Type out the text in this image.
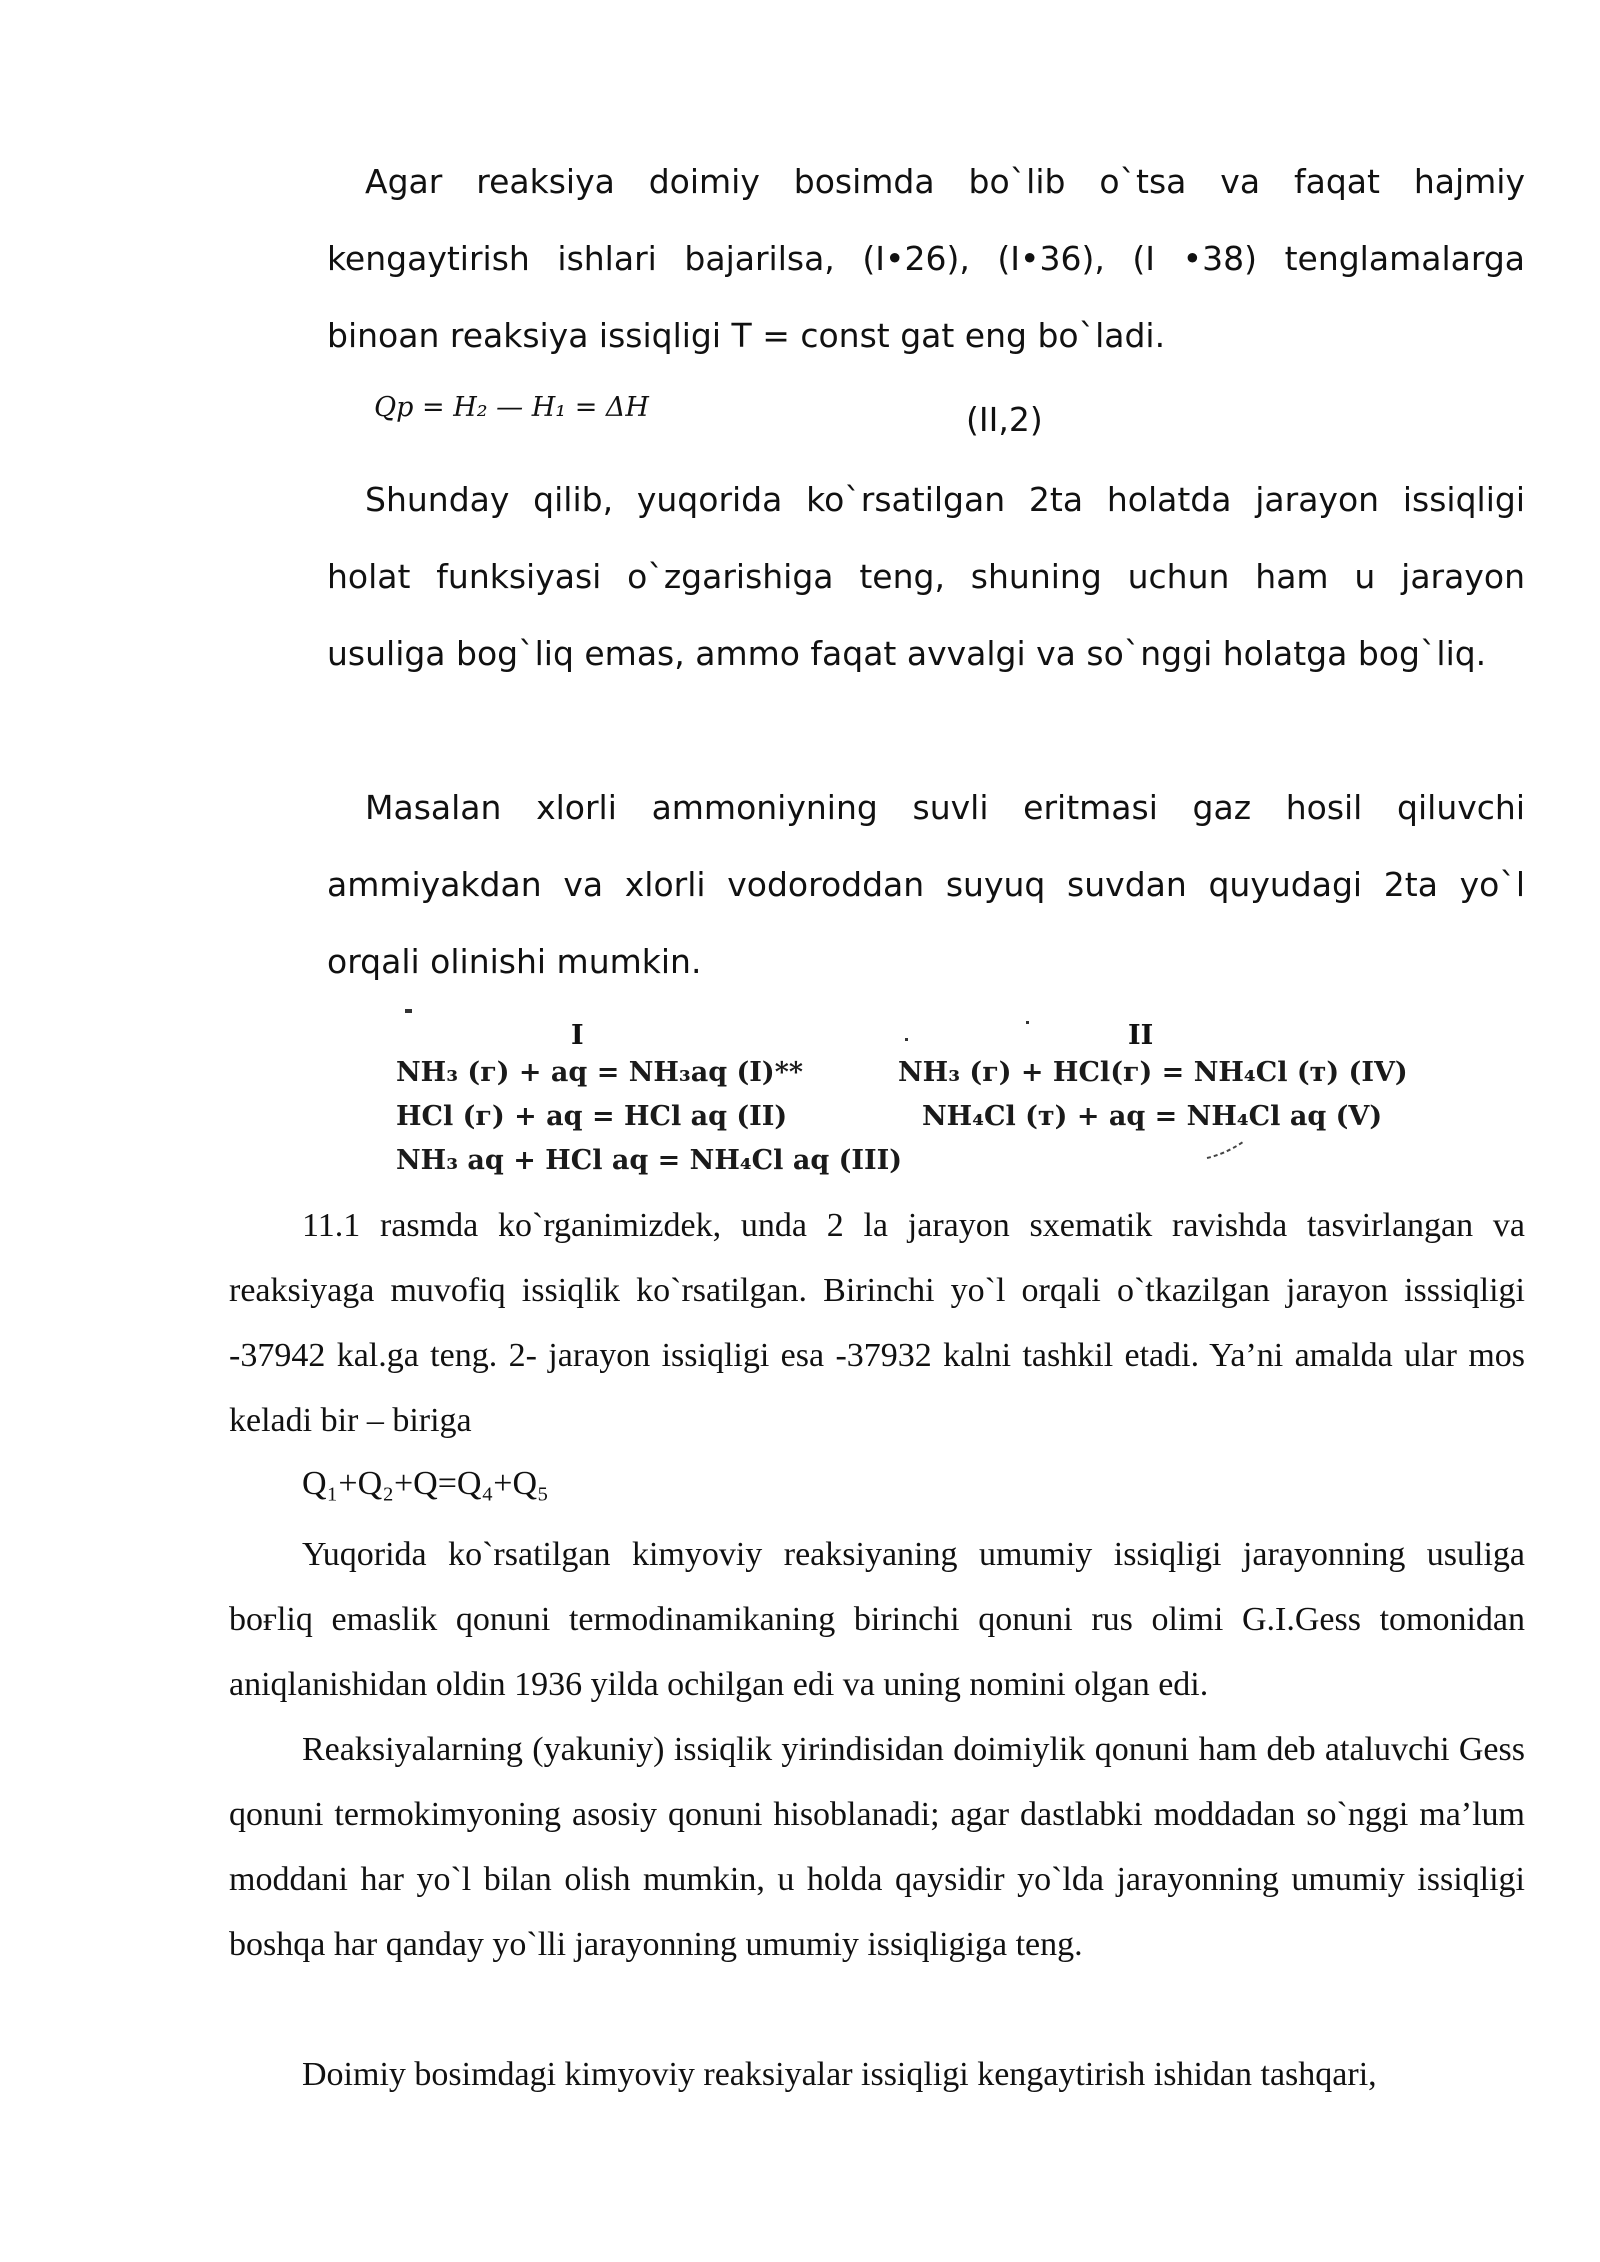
Agar reaksiya doimiy bosimda bo`lib o`tsa va faqat hajmiy kengaytirish ishlari bajarilsa, (I•26), (I•36), (I •38) tenglamalarga binoan reaksiya issiqligi T = const gat eng bo`ladi.

Qp = H₂ — H₁ = ΔH	(II,2)

Shunday qilib, yuqorida ko`rsatilgan 2ta holatda jarayon issiqligi holat funksiyasi o`zgarishiga teng, shuning uchun ham u jarayon usuliga bog`liq emas, ammo faqat avvalgi va so`nggi holatga bog`liq.

Masalan xlorli ammoniyning suvli eritmasi gaz hosil qiluvchi ammiyakdan va xlorli vodoroddan suyuq suvdan quyudagi 2ta yo`l orqali olinishi mumkin.

I	II
NH₃ (г) + aq = NH₃aq (I)**
HCl (г) + aq = HCl aq (II)
NH₃ aq + HCl aq = NH₄Cl aq (III)
NH₃ (г) + HCl(г) = NH₄Cl (т) (IV)
NH₄Cl (т) + aq = NH₄Cl aq (V)

11.1 rasmda ko`rganimizdek, unda 2 la jarayon sxematik ravishda tasvirlangan va reaksiyaga muvofiq issiqlik ko`rsatilgan. Birinchi yo`l orqali o`tkazilgan jarayon isssiqligi -37942 kal.ga teng. 2- jarayon issiqligi esa -37932 kalni tashkil etadi. Ya’ni amalda ular mos keladi bir – biriga

Q₁+Q₂+Q=Q₄+Q₅

Yuqorida ko`rsatilgan kimyoviy reaksiyaning umumiy issiqligi jarayonning usuliga boғliq emaslik qonuni termodinamikaning birinchi qonuni rus olimi G.I.Gess tomonidan aniqlanishidan oldin 1936 yilda ochilgan edi va uning nomini olgan edi.

Reaksiyalarning (yakuniy) issiqlik yirindisidan doimiylik qonuni ham deb ataluvchi Gess qonuni termokimyoning asosiy qonuni hisoblanadi; agar dastlabki moddadan so`nggi ma’lum moddani har yo`l bilan olish mumkin, u holda qaysidir yo`lda jarayonning umumiy issiqligi boshqa har qanday yo`lli jarayonning umumiy issiqligiga teng.

Doimiy bosimdagi kimyoviy reaksiyalar issiqligi kengaytirish ishidan tashqari,
